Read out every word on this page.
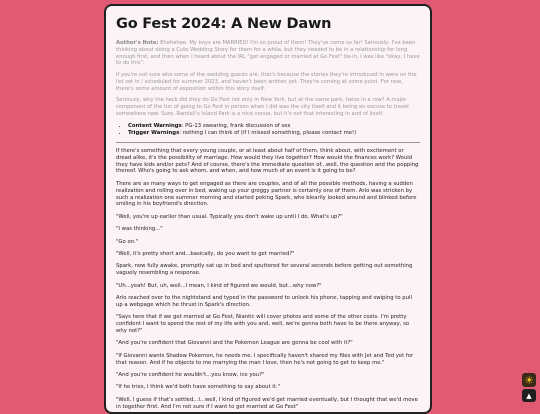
Go Fest 2024: A New Dawn

Author's Note: Ehehehee. My boys are MARRIED! I'm so proud of them! They've come so far! Seriously, I've been thinking about doing a Cute Wedding Story for them for a while, but they needed to be in a relationship for long enough first, and then when I heard about the IRL "get engaged or married at Go Fest" tie-in, I was like "okay, I have to do this".

If you're not sure who some of the wedding guests are, that's because the stories they're introduced in were on the list set in / scheduled for summer 2023, and haven't been written yet. They're coming at some point. For now, there's some amount of exposition within this story itself.

Seriously, why the heck did they do Go Fest not only in New York, but at the same park, twice in a row? A major component of the fun of going to Go Fest in person when I did was the city itself and it being an excuse to travel somewhere new. Sure, Randall's Island Park is a nice venue, but it's not that interesting in and of itself.

• Content Warnings: PG-13 swearing, frank discussion of sex
• Trigger Warnings: nothing I can think of (if I missed something, please contact me!)

If there's something that every young couple, or at least about half of them, think about, with excitement or dread alike, it's the possibility of marriage. How would they live together? How would the finances work? Would they have kids and/or pets? And of course, there's the immediate question of...well, the question and the popping thereof. Who's going to ask whom, and when, and how much of an event is it going to be?

There are as many ways to get engaged as there are couples, and of all the possible methods, having a sudden realization and rolling over in bed, waking up your groggy partner is certainly one of them. Arlo was stricken by such a realization one summer morning and started poking Spark, who blearily looked around and blinked before smiling in his boyfriend's direction.

"Well, you're up earlier than usual. Typically you don't wake up until I do. What's up?"

"I was thinking..."

"Go on."

"Well, it's pretty short and...basically, do you want to get married?"

Spark, now fully awake, promptly sat up in bed and sputtered for several seconds before getting out something vaguely resembling a response.

"Uh...yeah! But, uh, well...I mean, I kind of figured we would, but...why now?"

Arlo reached over to the nightstand and typed in the password to unlock his phone, tapping and swiping to pull up a webpage which he thrust in Spark's direction.

"Says here that if we get married at Go Fest, Niantic will cover photos and some of the other costs. I'm pretty confident I want to spend the rest of my life with you and, well, we're gonna both have to be there anyway, so why not?"

"And you're confident that Giovanni and the Pokemon League are gonna be cool with it?"

"If Giovanni wants Shadow Pokemon, he needs me. I specifically haven't shared my files with Jet and Ted yet for that reason. And if he objects to me marrying the man I love, then he's not going to get to keep me."

"And you're confident he wouldn't...you know, ice you?"

"If he tries, I think we'd both have something to say about it."

"Well, I guess if that's settled...I...well, I kind of figured we'd get married eventually, but I thought that we'd move in together first. And I'm not sure if I want to get married at Go Fest"

☀
▲
